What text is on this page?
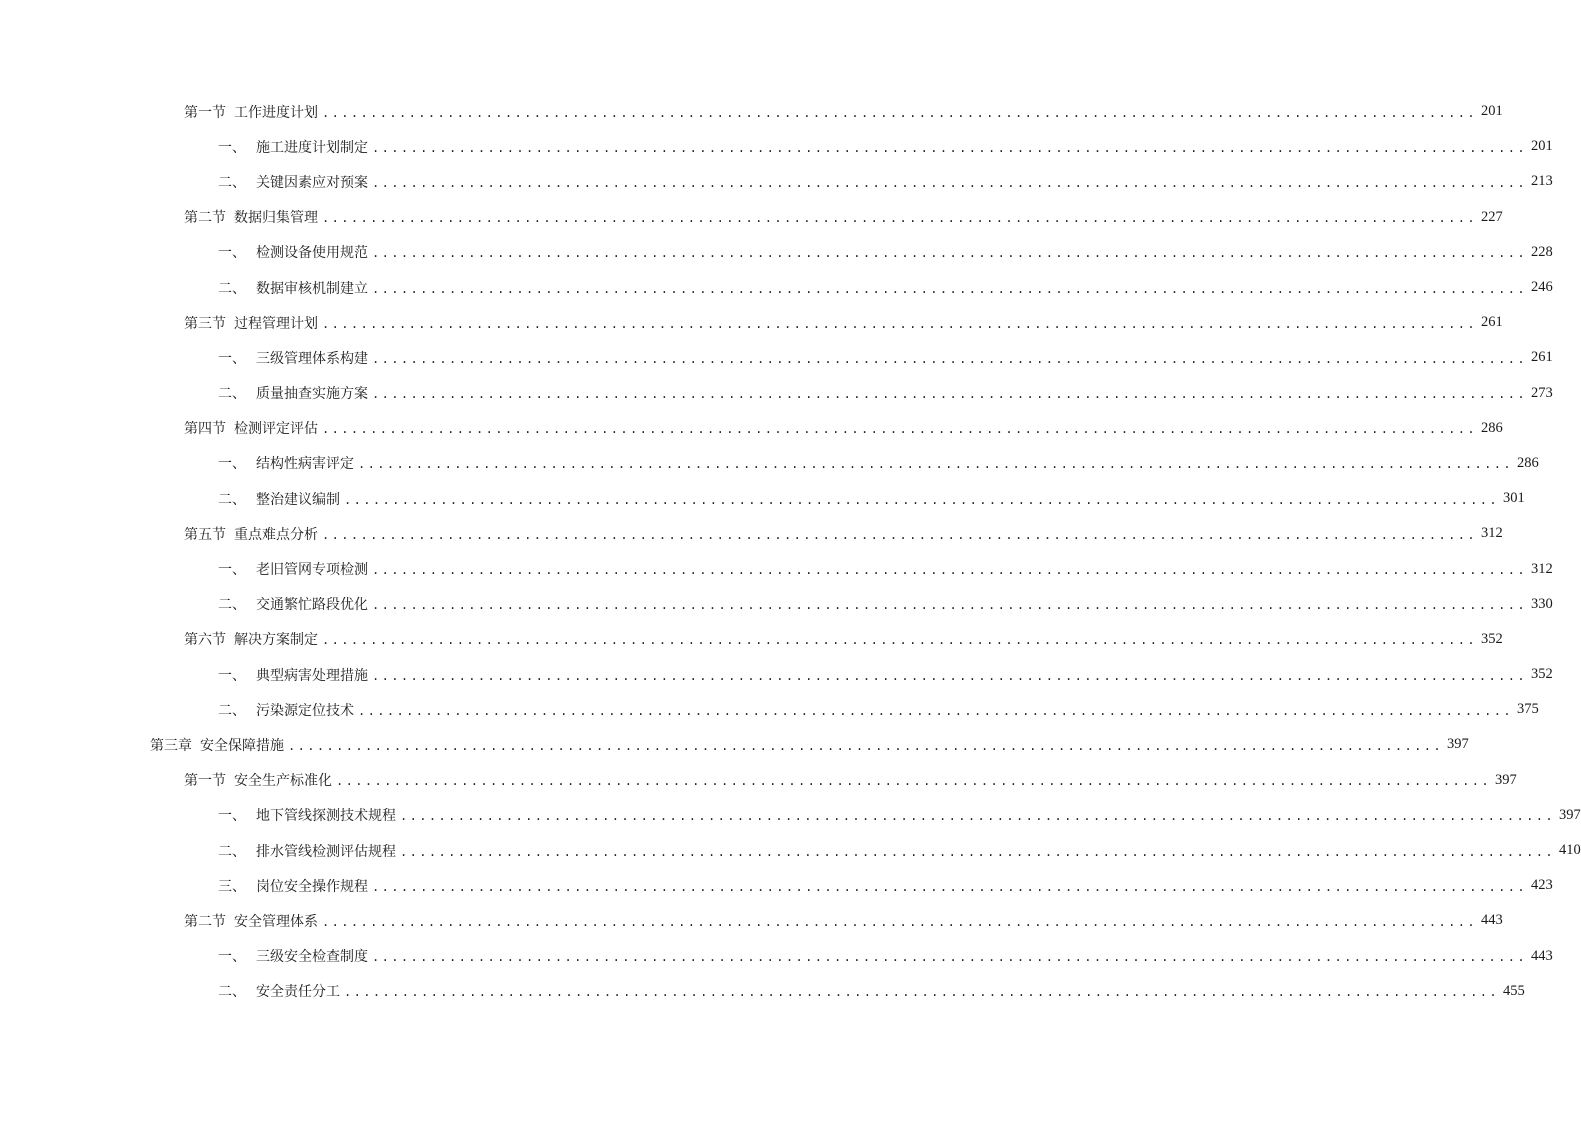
第一节 工作进度计划 ........................................................................................................................ 201
一、 施工进度计划制定 ........................................................................................................................ 201
二、 关键因素应对预案 ........................................................................................................................ 213
第二节 数据归集管理 ........................................................................................................................ 227
一、 检测设备使用规范 ........................................................................................................................ 228
二、 数据审核机制建立 ........................................................................................................................ 246
第三节 过程管理计划 ........................................................................................................................ 261
一、 三级管理体系构建 ........................................................................................................................ 261
二、 质量抽查实施方案 ........................................................................................................................ 273
第四节 检测评定评估 ........................................................................................................................ 286
一、 结构性病害评定 ........................................................................................................................ 286
二、 整治建议编制 ........................................................................................................................ 301
第五节 重点难点分析 ........................................................................................................................ 312
一、 老旧管网专项检测 ........................................................................................................................ 312
二、 交通繁忙路段优化 ........................................................................................................................ 330
第六节 解决方案制定 ........................................................................................................................ 352
一、 典型病害处理措施 ........................................................................................................................ 352
二、 污染源定位技术 ........................................................................................................................ 375
第三章 安全保障措施 ........................................................................................................................ 397
第一节 安全生产标准化 ........................................................................................................................ 397
一、 地下管线探测技术规程 ........................................................................................................................ 397
二、 排水管线检测评估规程 ........................................................................................................................ 410
三、 岗位安全操作规程 ........................................................................................................................ 423
第二节 安全管理体系 ........................................................................................................................ 443
一、 三级安全检查制度 ........................................................................................................................ 443
二、 安全责任分工 ........................................................................................................................ 455
